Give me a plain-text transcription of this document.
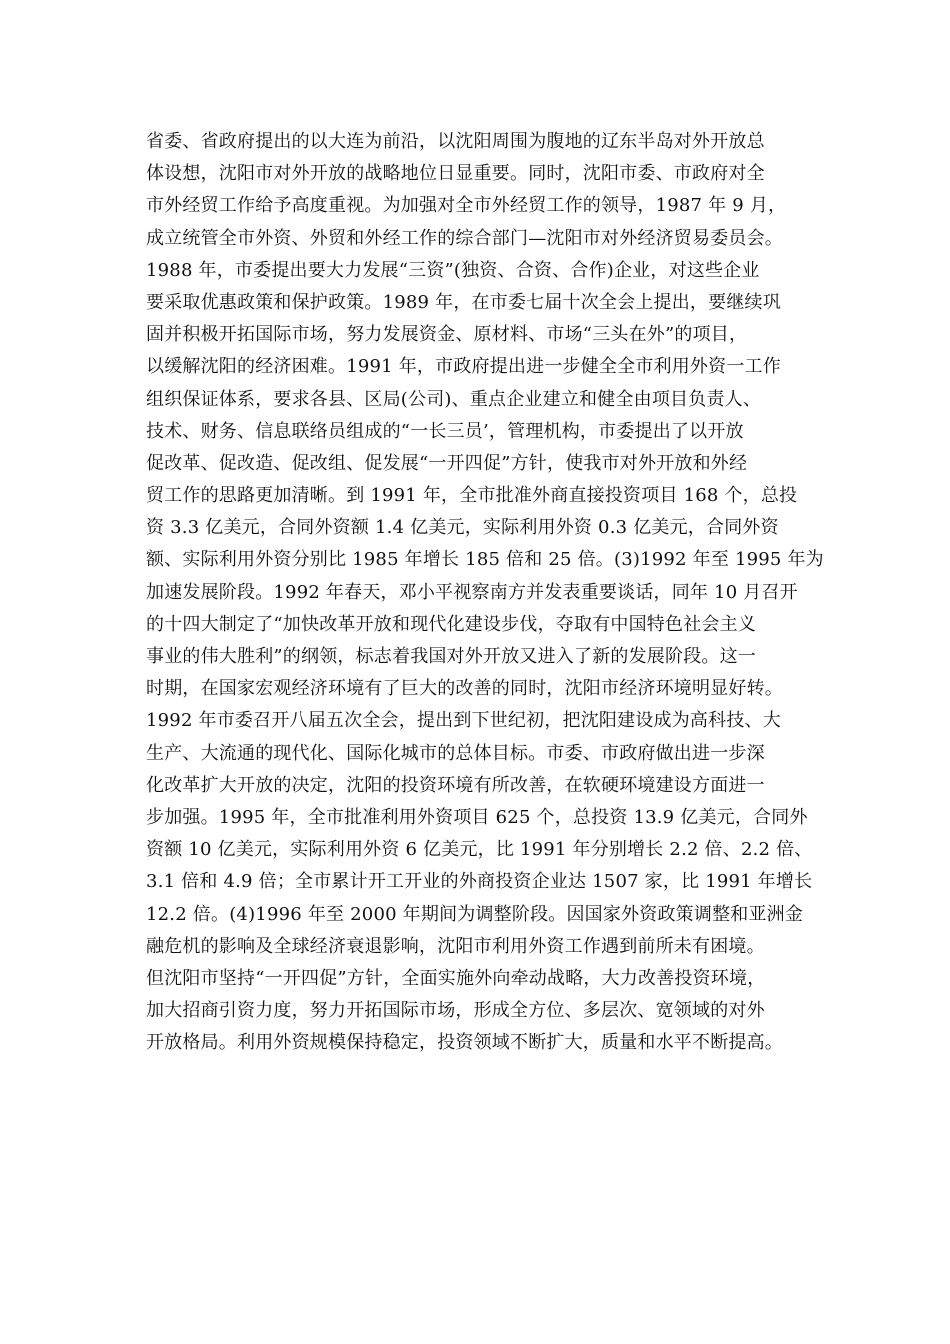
省委、省政府提出的以大连为前沿，以沈阳周围为腹地的辽东半岛对外开放总
体设想，沈阳市对外开放的战略地位日显重要。同时，沈阳市委、市政府对全
市外经贸工作给予高度重视。为加强对全市外经贸工作的领导，1987 年 9 月，
成立统管全市外资、外贸和外经工作的综合部门—沈阳市对外经济贸易委员会。
1988 年，市委提出要大力发展“三资”(独资、合资、合作)企业，对这些企业
要采取优惠政策和保护政策。1989 年，在市委七届十次全会上提出，要继续巩
固并积极开拓国际市场，努力发展资金、原材料、市场“三头在外”的项目，
以缓解沈阳的经济困难。1991 年，市政府提出进一步健全全市利用外资一工作
组织保证体系，要求各县、区局(公司)、重点企业建立和健全由项目负责人、
技术、财务、信息联络员组成的“一长三员’，管理机构，市委提出了以开放
促改革、促改造、促改组、促发展“一开四促”方针，使我市对外开放和外经
贸工作的思路更加清晰。到 1991 年，全市批准外商直接投资项目 168 个，总投
资 3.3 亿美元，合同外资额 1.4 亿美元，实际利用外资 0.3 亿美元，合同外资
额、实际利用外资分别比 1985 年增长 185 倍和 25 倍。(3)1992 年至 1995 年为
加速发展阶段。1992 年春天，邓小平视察南方并发表重要谈话，同年 10 月召开
的十四大制定了“加快改革开放和现代化建设步伐，夺取有中国特色社会主义
事业的伟大胜利”的纲领，标志着我国对外开放又进入了新的发展阶段。这一
时期，在国家宏观经济环境有了巨大的改善的同时，沈阳市经济环境明显好转。
1992 年市委召开八届五次全会，提出到下世纪初，把沈阳建设成为高科技、大
生产、大流通的现代化、国际化城市的总体目标。市委、市政府做出进一步深
化改革扩大开放的决定，沈阳的投资环境有所改善，在软硬环境建设方面进一
步加强。1995 年，全市批准利用外资项目 625 个，总投资 13.9 亿美元，合同外
资额 10 亿美元，实际利用外资 6 亿美元，比 1991 年分别增长 2.2 倍、2.2 倍、
3.1 倍和 4.9 倍；全市累计开工开业的外商投资企业达 1507 家，比 1991 年增长
12.2 倍。(4)1996 年至 2000 年期间为调整阶段。因国家外资政策调整和亚洲金
融危机的影响及全球经济衰退影响，沈阳市利用外资工作遇到前所未有困境。
但沈阳市坚持“一开四促”方针，全面实施外向牵动战略，大力改善投资环境，
加大招商引资力度，努力开拓国际市场，形成全方位、多层次、宽领域的对外
开放格局。利用外资规模保持稳定，投资领域不断扩大，质量和水平不断提高。
